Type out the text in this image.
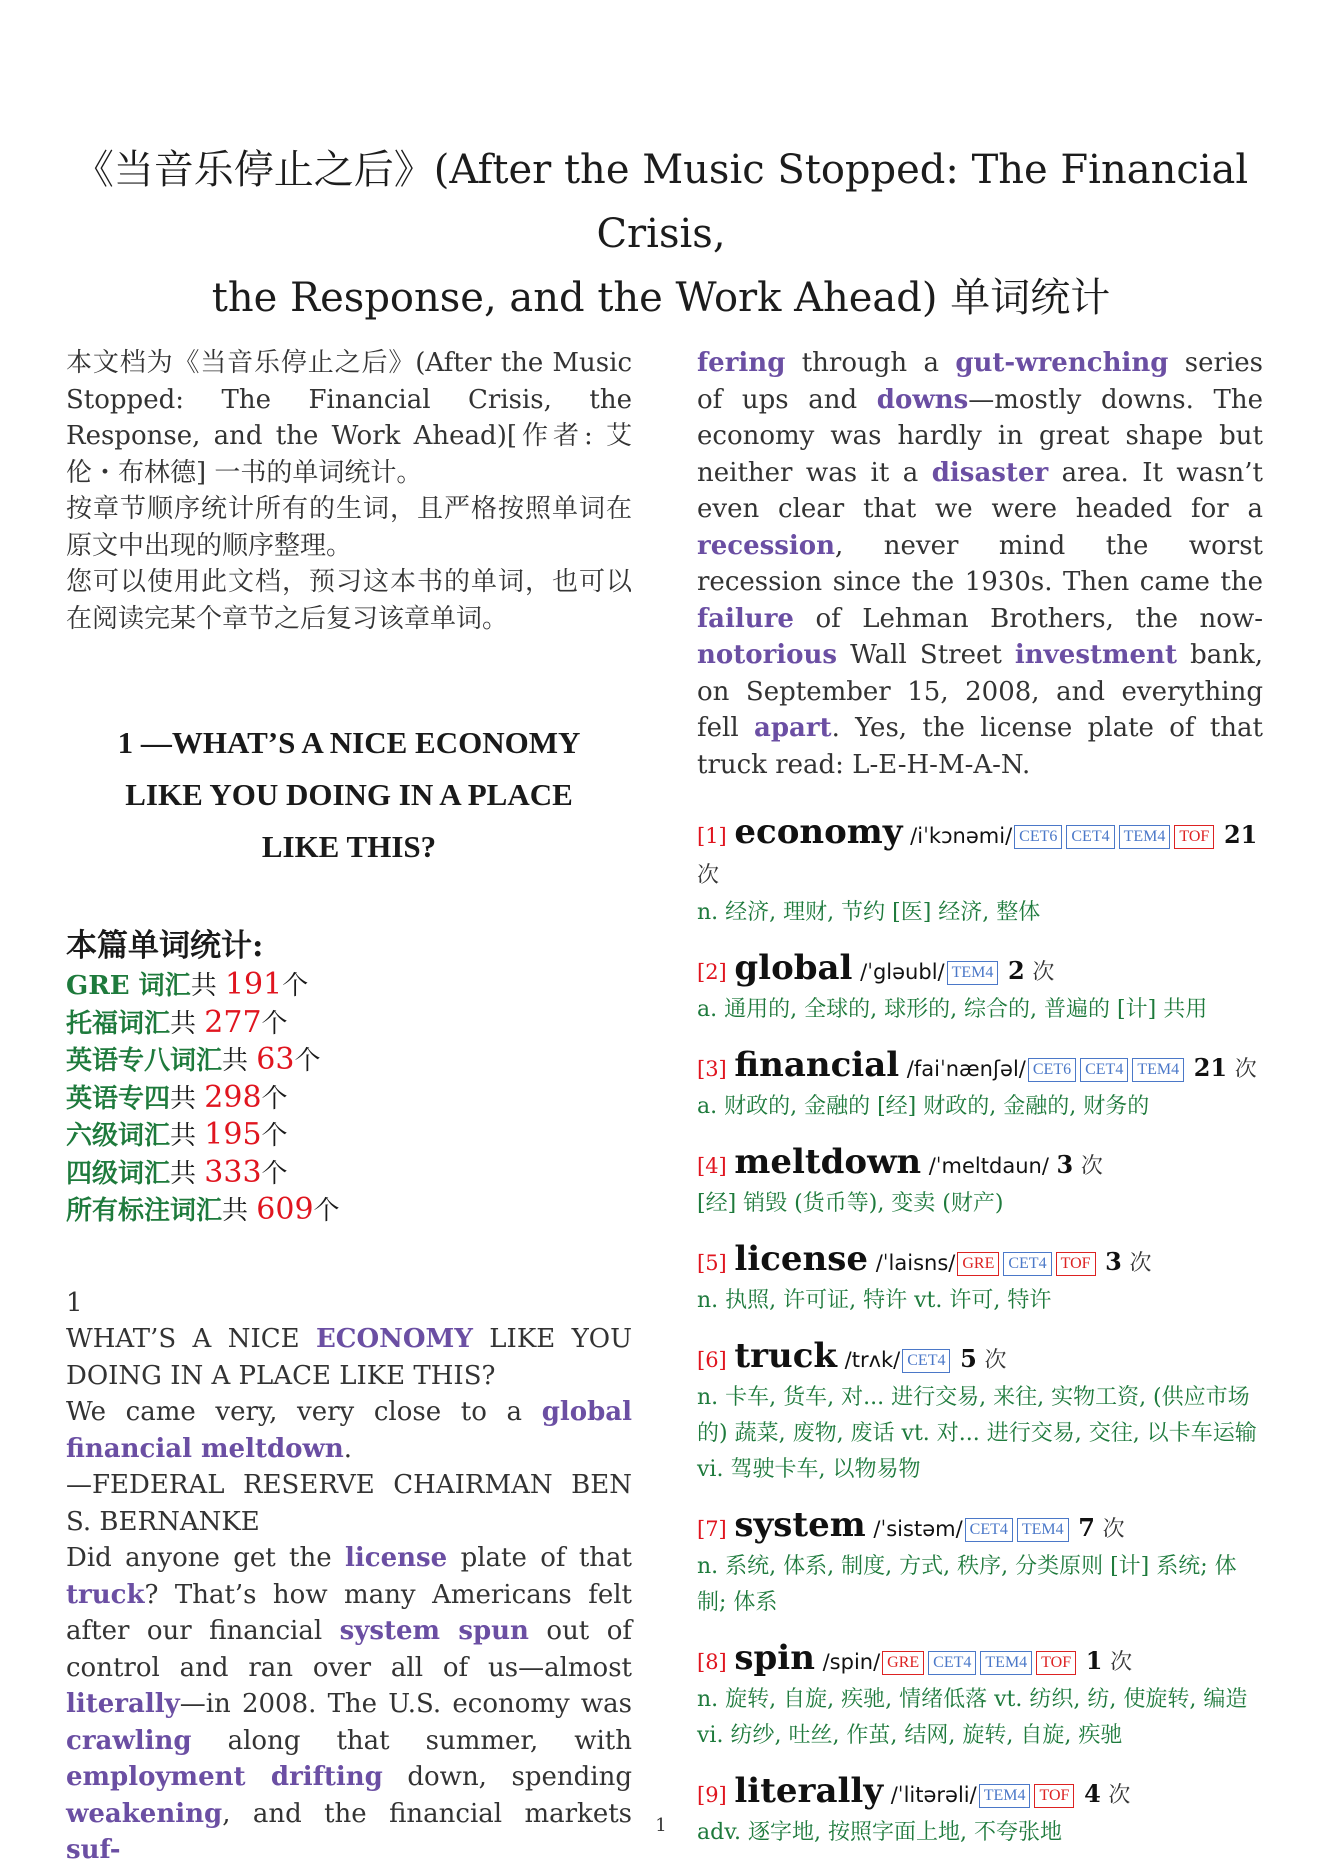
《当音乐停止之后》(After the Music Stopped: The Financial Crisis,
the Response, and the Work Ahead) 单词统计

本文档为《当音乐停止之后》(After the Music Stopped: The Financial Crisis, the Response, and the Work Ahead)[作者: 艾伦・布林德] 一书的单词统计。

按章节顺序统计所有的生词，且严格按照单词在原文中出现的顺序整理。

您可以使用此文档，预习这本书的单词，也可以在阅读完某个章节之后复习该章单词。

1 —WHAT’S A NICE ECONOMY
LIKE YOU DOING IN A PLACE
LIKE THIS?
本篇单词统计:
GRE 词汇共 191个
托福词汇共 277个
英语专八词汇共 63个
英语专四共 298个
六级词汇共 195个
四级词汇共 333个
所有标注词汇共 609个

1

WHAT’S A NICE ECONOMY LIKE YOU DOING IN A PLACE LIKE THIS?

We came very, very close to a global financial meltdown.

—FEDERAL RESERVE CHAIRMAN BEN S. BERNANKE

Did anyone get the license plate of that truck? That’s how many Americans felt after our financial system spun out of control and ran over all of us—almost literally—in 2008. The U.S. economy was crawling along that summer, with employment drifting down, spending weakening, and the financial markets suf-

fering through a gut-wrenching series of ups and downs—mostly downs. The economy was hardly in great shape but neither was it a disaster area. It wasn’t even clear that we were headed for a recession, never mind the worst recession since the 1930s. Then came the failure of Lehman Brothers, the now-notorious Wall Street investment bank, on September 15, 2008, and everything fell apart. Yes, the license plate of that truck read: L-E-H-M-A-N.

[1] economy /iˈkɔnəmi/ CET6 CET4 TEM4 TOF 21 次
n. 经济, 理财, 节约 [医] 经济, 整体
[2] global /ˈgləubl/ TEM4 2 次
a. 通用的, 全球的, 球形的, 综合的, 普遍的 [计] 共用
[3] financial /faiˈnænʃəl/ CET6 CET4 TEM4 21 次
a. 财政的, 金融的 [经] 财政的, 金融的, 财务的
[4] meltdown /ˈmeltdaun/ 3 次
[经] 销毁 (货币等), 变卖 (财产)
[5] license /ˈlaisns/ GRE CET4 TOF 3 次
n. 执照, 许可证, 特许 vt. 许可, 特许
[6] truck /trʌk/ CET4 5 次
n. 卡车, 货车, 对... 进行交易, 来往, 实物工资, (供应市场的) 蔬菜, 废物, 废话 vt. 对... 进行交易, 交往, 以卡车运输 vi. 驾驶卡车, 以物易物
[7] system /ˈsistəm/ CET4 TEM4 7 次
n. 系统, 体系, 制度, 方式, 秩序, 分类原则 [计] 系统; 体制; 体系
[8] spin /spin/ GRE CET4 TEM4 TOF 1 次
n. 旋转, 自旋, 疾驰, 情绪低落 vt. 纺织, 纺, 使旋转, 编造 vi. 纺纱, 吐丝, 作茧, 结网, 旋转, 自旋, 疾驰
[9] literally /ˈlitərəli/ TEM4 TOF 4 次
adv. 逐字地, 按照字面上地, 不夸张地
1
